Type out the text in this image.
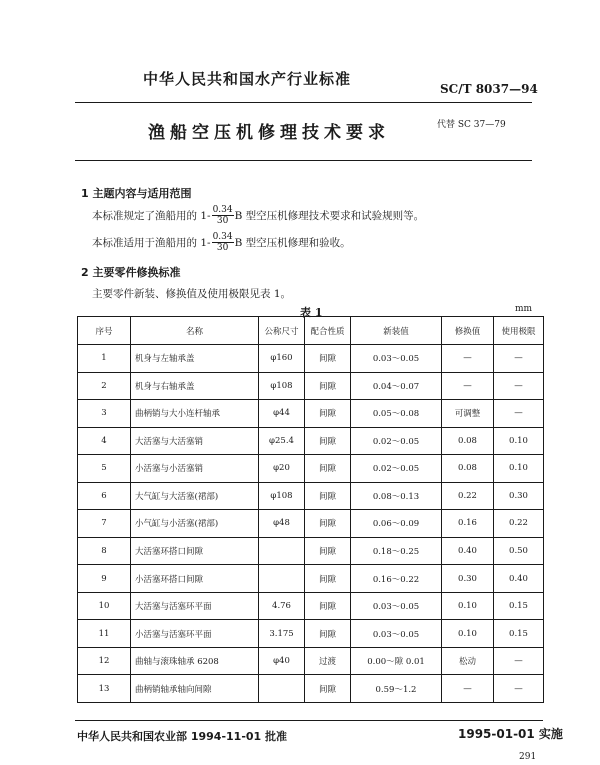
中华人民共和国水产行业标准
SC/T 8037—94
渔船空压机修理技术要求	代替 SC 37—79
1 主题内容与适用范围
本标准规定了渔船用的 $1- \frac{0.34}{30}$ B 型空压机修理技术要求和试验规则等。
本标准适用于渔船用的 $1- \frac{0.34}{30}$ B 型空压机修理和验收。
2 主要零件修换标准
主要零件新装、修换值及使用极限见表 1。
表 1	mm
序号	名称	公称尺寸	配合性质	新装值	修换值	使用极限
1	机身与左轴承盖	φ160	间隙	0.03～0.05	—	—
2	机身与右轴承盖	φ108	间隙	0.04～0.07	—	—
3	曲柄销与大小连杆轴承	φ44	间隙	0.05～0.08	可调整	—
4	大活塞与大活塞销	φ25.4	间隙	0.02～0.05	0.08	0.10
5	小活塞与小活塞销	φ20	间隙	0.02～0.05	0.08	0.10
6	大气缸与大活塞(裙部)	φ108	间隙	0.08～0.13	0.22	0.30
7	小气缸与小活塞(裙部)	φ48	间隙	0.06～0.09	0.16	0.22
8	大活塞环搭口间隙		间隙	0.18～0.25	0.40	0.50
9	小活塞环搭口间隙		间隙	0.16～0.22	0.30	0.40
10	大活塞与活塞环平面	4.76	间隙	0.03～0.05	0.10	0.15
11	小活塞与活塞环平面	3.175	间隙	0.03～0.05	0.10	0.15
12	曲轴与滚珠轴承 6208	φ40	过渡	0.00～隙 0.01	松动	—
13	曲柄销轴承轴向间隙		间隙	0.59～1.2	—	—
中华人民共和国农业部 1994-11-01 批准	1995-01-01 实施
291
